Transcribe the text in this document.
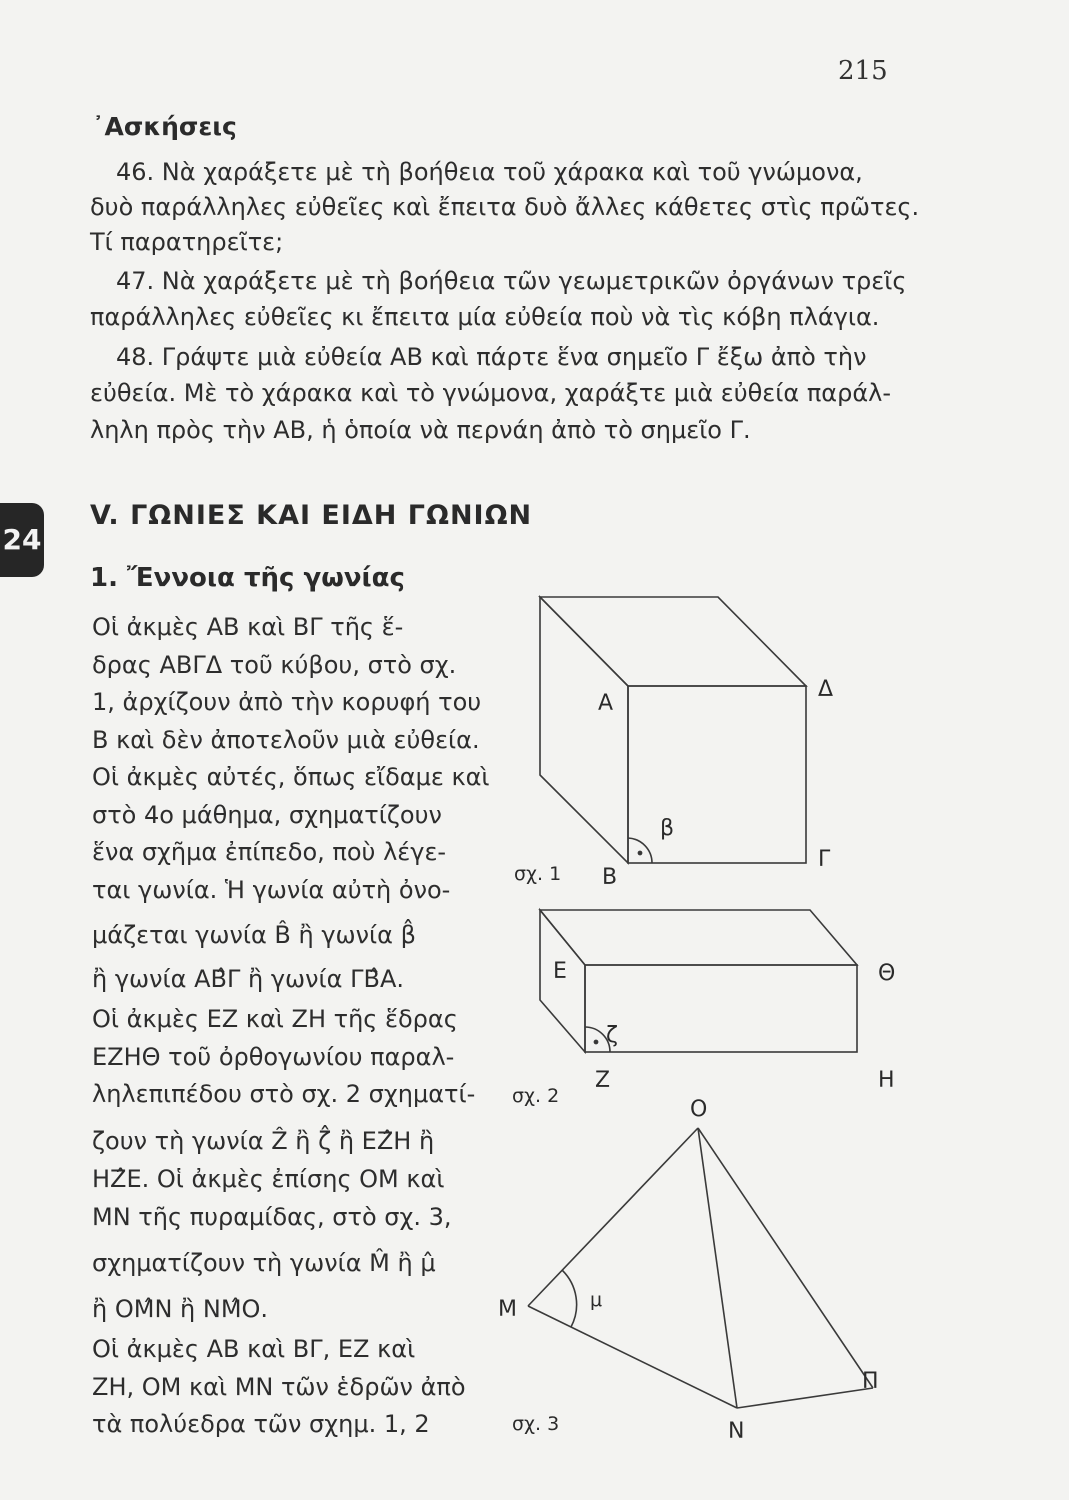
215
᾿Ασκήσεις
46. Νὰ χαράξετε μὲ τὴ βοήθεια τοῦ χάρακα καὶ τοῦ γνώμονα,
δυὸ παράλληλες εὐθεῖες καὶ ἔπειτα δυὸ ἄλλες κάθετες στὶς πρῶτες.
Τί παρατηρεῖτε;
47. Νὰ χαράξετε μὲ τὴ βοήθεια τῶν γεωμετρικῶν ὀργάνων τρεῖς
παράλληλες εὐθεῖες κι ἔπειτα μία εὐθεία ποὺ νὰ τὶς κόβη πλάγια.
48. Γράψτε μιὰ εὐθεία ΑΒ καὶ πάρτε ἕνα σημεῖο Γ ἔξω ἀπὸ τὴν
εὐθεία. Μὲ τὸ χάρακα καὶ τὸ γνώμονα, χαράξτε μιὰ εὐθεία παράλ-
ληλη πρὸς τὴν ΑΒ, ἡ ὁποία νὰ περνάη ἀπὸ τὸ σημεῖο Γ.
24
V. ΓΩΝΙΕΣ ΚΑΙ ΕΙΔΗ ΓΩΝΙΩΝ
1. Ἔννοια τῆς γωνίας
Οἱ ἀκμὲς ΑΒ καὶ ΒΓ τῆς ἕ-
δρας ΑΒΓΔ τοῦ κύβου, στὸ σχ.
1, ἀρχίζουν ἀπὸ τὴν κορυφή του
Β καὶ δὲν ἀποτελοῦν μιὰ εὐθεία.
Οἱ ἀκμὲς αὐτές, ὅπως εἴδαμε καὶ
στὸ 4ο μάθημα, σχηματίζουν
ἕνα σχῆμα ἐπίπεδο, ποὺ λέγε-
ται γωνία. Ἡ γωνία αὐτὴ ὀνο-
μάζεται γωνία B̂ ἢ γωνία β̂
ἢ γωνία ΑΒ̂Γ ἢ γωνία ΓΒ̂Α.
Οἱ ἀκμὲς ΕΖ καὶ ΖΗ τῆς ἕδρας
ΕΖΗΘ τοῦ ὀρθογωνίου παραλ-
ληλεπιπέδου στὸ σχ. 2 σχηματί-
ζουν τὴ γωνία Ẑ ἢ ζ̂ ἢ ΕΖ̂Η ἢ
ΗΖ̂Ε. Οἱ ἀκμὲς ἐπίσης ΟΜ καὶ
ΜΝ τῆς πυραμίδας, στὸ σχ. 3,
σχηματίζουν τὴ γωνία M̂ ἢ μ̂
ἢ ΟΜ̂Ν ἢ ΝΜ̂Ο.
Οἱ ἀκμὲς ΑΒ καὶ ΒΓ, ΕΖ καὶ
ΖΗ, ΟΜ καὶ ΜΝ τῶν ἑδρῶν ἀπὸ
τὰ πολύεδρα τῶν σχημ. 1, 2
Α
Δ
β
Γ
Β
σχ. 1
Ε	Θ
ζ
Ζ	Η
σχ. 2
Ο
Μ	μ
Π
Ν
σχ. 3
